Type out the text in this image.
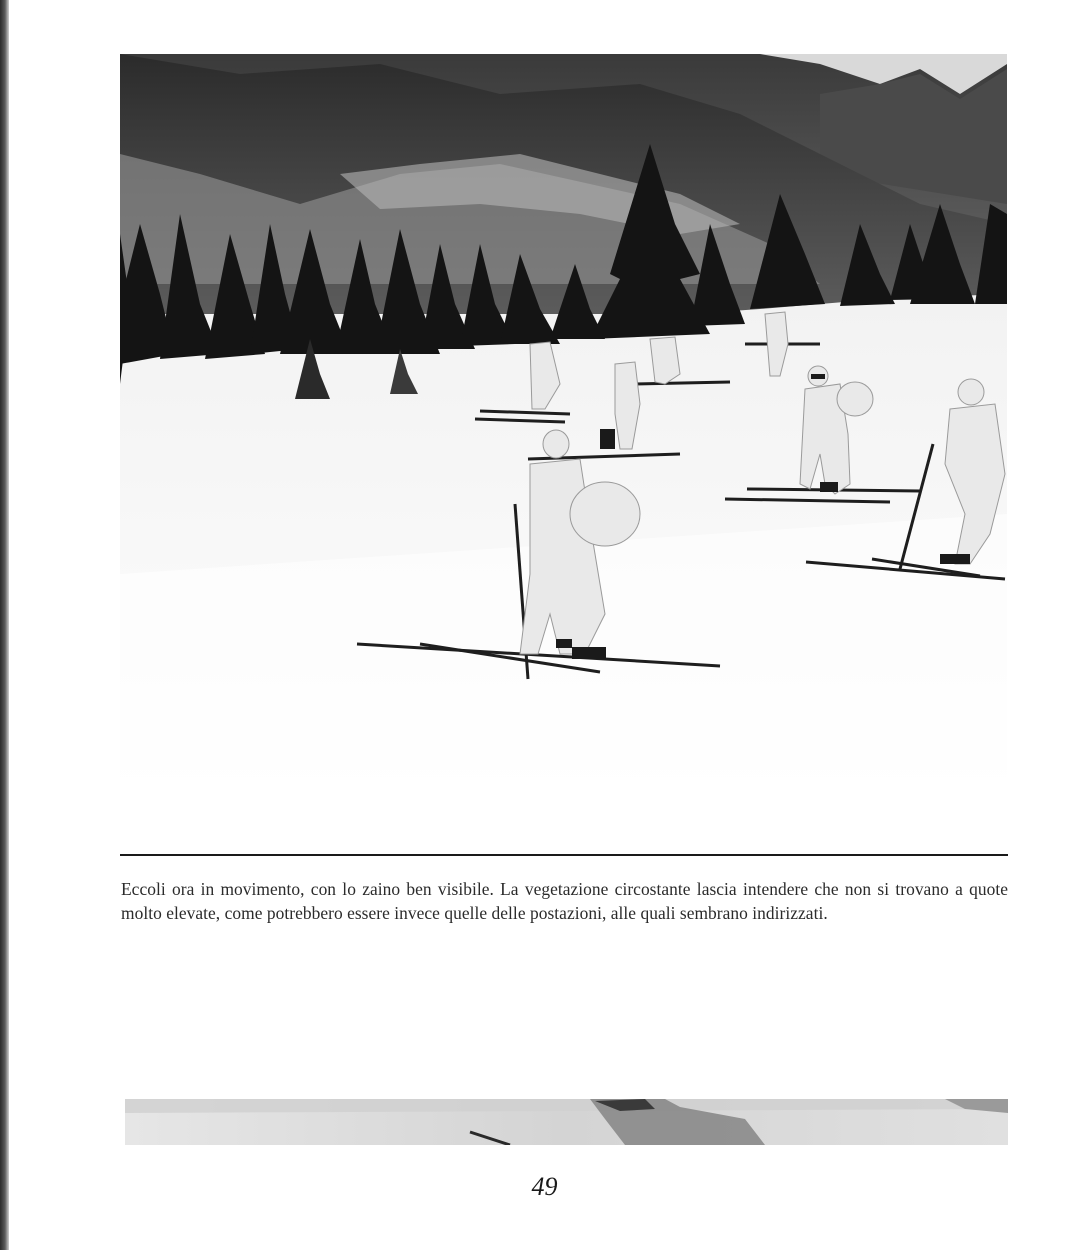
Eccoli ora in movimento, con lo zaino ben visibile. La vegetazione circostante lascia intendere che non si trovano a quote molto elevate, come potrebbero essere invece quelle delle postazioni, alle quali sembrano indirizzati.

49
